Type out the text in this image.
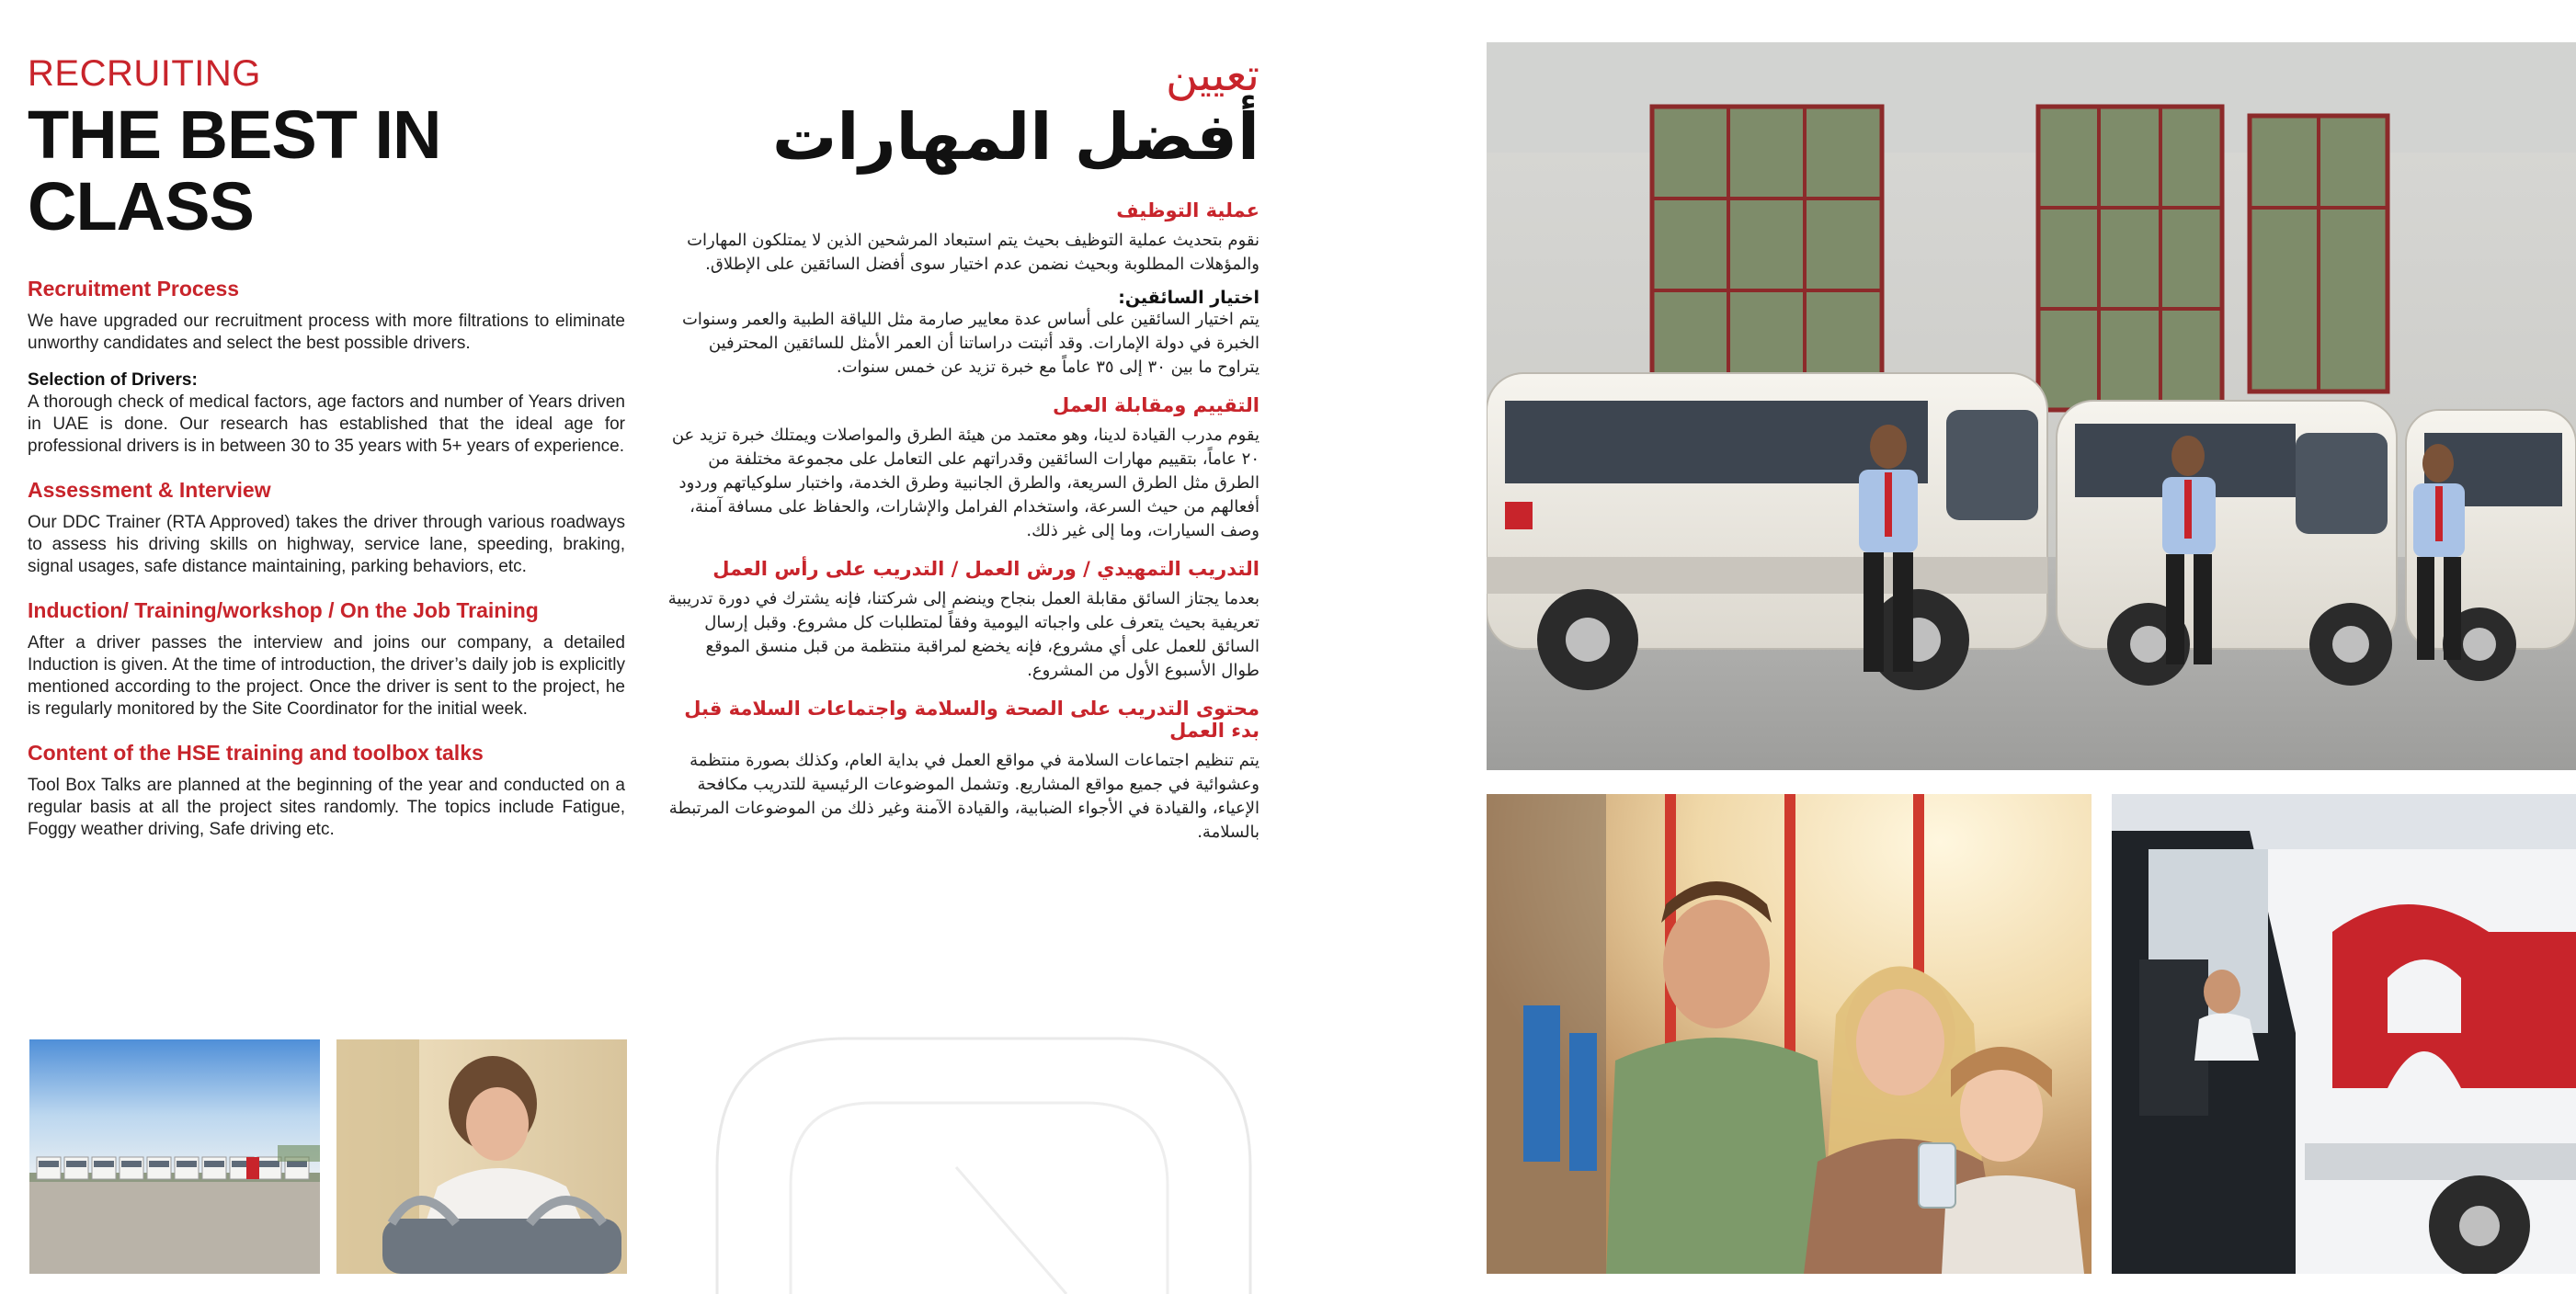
RECRUITING

THE BEST IN CLASS
Recruitment Process

We have upgraded our recruitment process with more filtrations to eliminate unworthy candidates and select the best possible drivers.

Selection of Drivers:

A thorough check of medical factors, age factors and number of Years driven in UAE is done. Our research has established that the ideal age for professional drivers is in between 30 to 35 years with 5+ years of experience.

Assessment & Interview

Our DDC Trainer (RTA Approved) takes the driver through various roadways to assess his driving skills on highway, service lane, speeding, braking, signal usages, safe distance maintaining, parking behaviors, etc.

Induction/ Training/workshop / On the Job Training

After a driver passes the interview and joins our company, a detailed Induction is given. At the time of introduction, the driver’s daily job is explicitly mentioned according to the project. Once the driver is sent to the project, he is regularly monitored by the Site Coordinator for the initial week.

Content of the HSE training and toolbox talks

Tool Box Talks are planned at the beginning of the year and conducted on a regular basis at all the project sites randomly. The topics include Fatigue, Foggy weather driving, Safe driving etc.

تعيين

أفضل المهارات
عملية التوظيف

نقوم بتحديث عملية التوظيف بحيث يتم استبعاد المرشحين الذين لا يمتلكون المهارات والمؤهلات المطلوبة وبحيث نضمن عدم اختيار سوى أفضل السائقين على الإطلاق.

اختيار السائقين:

يتم اختيار السائقين على أساس عدة معايير صارمة مثل اللياقة الطبية والعمر وسنوات الخبرة في دولة الإمارات. وقد أثبتت دراساتنا أن العمر الأمثل للسائقين المحترفين يتراوح ما بين ٣٠ إلى ٣٥ عاماً مع خبرة تزيد عن خمس سنوات.

التقييم ومقابلة العمل

يقوم مدرب القيادة لدينا، وهو معتمد من هيئة الطرق والمواصلات ويمتلك خبرة تزيد عن ٢٠ عاماً، بتقييم مهارات السائقين وقدراتهم على التعامل على مجموعة مختلفة من الطرق مثل الطرق السريعة، والطرق الجانبية وطرق الخدمة، واختبار سلوكياتهم وردود أفعالهم من حيث السرعة، واستخدام الفرامل والإشارات، والحفاظ على مسافة آمنة، وصف السيارات، وما إلى غير ذلك.

التدريب التمهيدي / ورش العمل / التدريب على رأس العمل

بعدما يجتاز السائق مقابلة العمل بنجاح وينضم إلى شركتنا، فإنه يشترك في دورة تدريبية تعريفية بحيث يتعرف على واجباته اليومية وفقاً لمتطلبات كل مشروع. وقبل إرسال السائق للعمل على أي مشروع، فإنه يخضع لمراقبة منتظمة من قبل منسق الموقع طوال الأسبوع الأول من المشروع.

محتوى التدريب على الصحة والسلامة واجتماعات السلامة قبل بدء العمل

يتم تنظيم اجتماعات السلامة في مواقع العمل في بداية العام، وكذلك بصورة منتظمة وعشوائية في جميع مواقع المشاريع. وتشمل الموضوعات الرئيسية للتدريب مكافحة الإعياء، والقيادة في الأجواء الضبابية، والقيادة الآمنة وغير ذلك من الموضوعات المرتبطة بالسلامة.
